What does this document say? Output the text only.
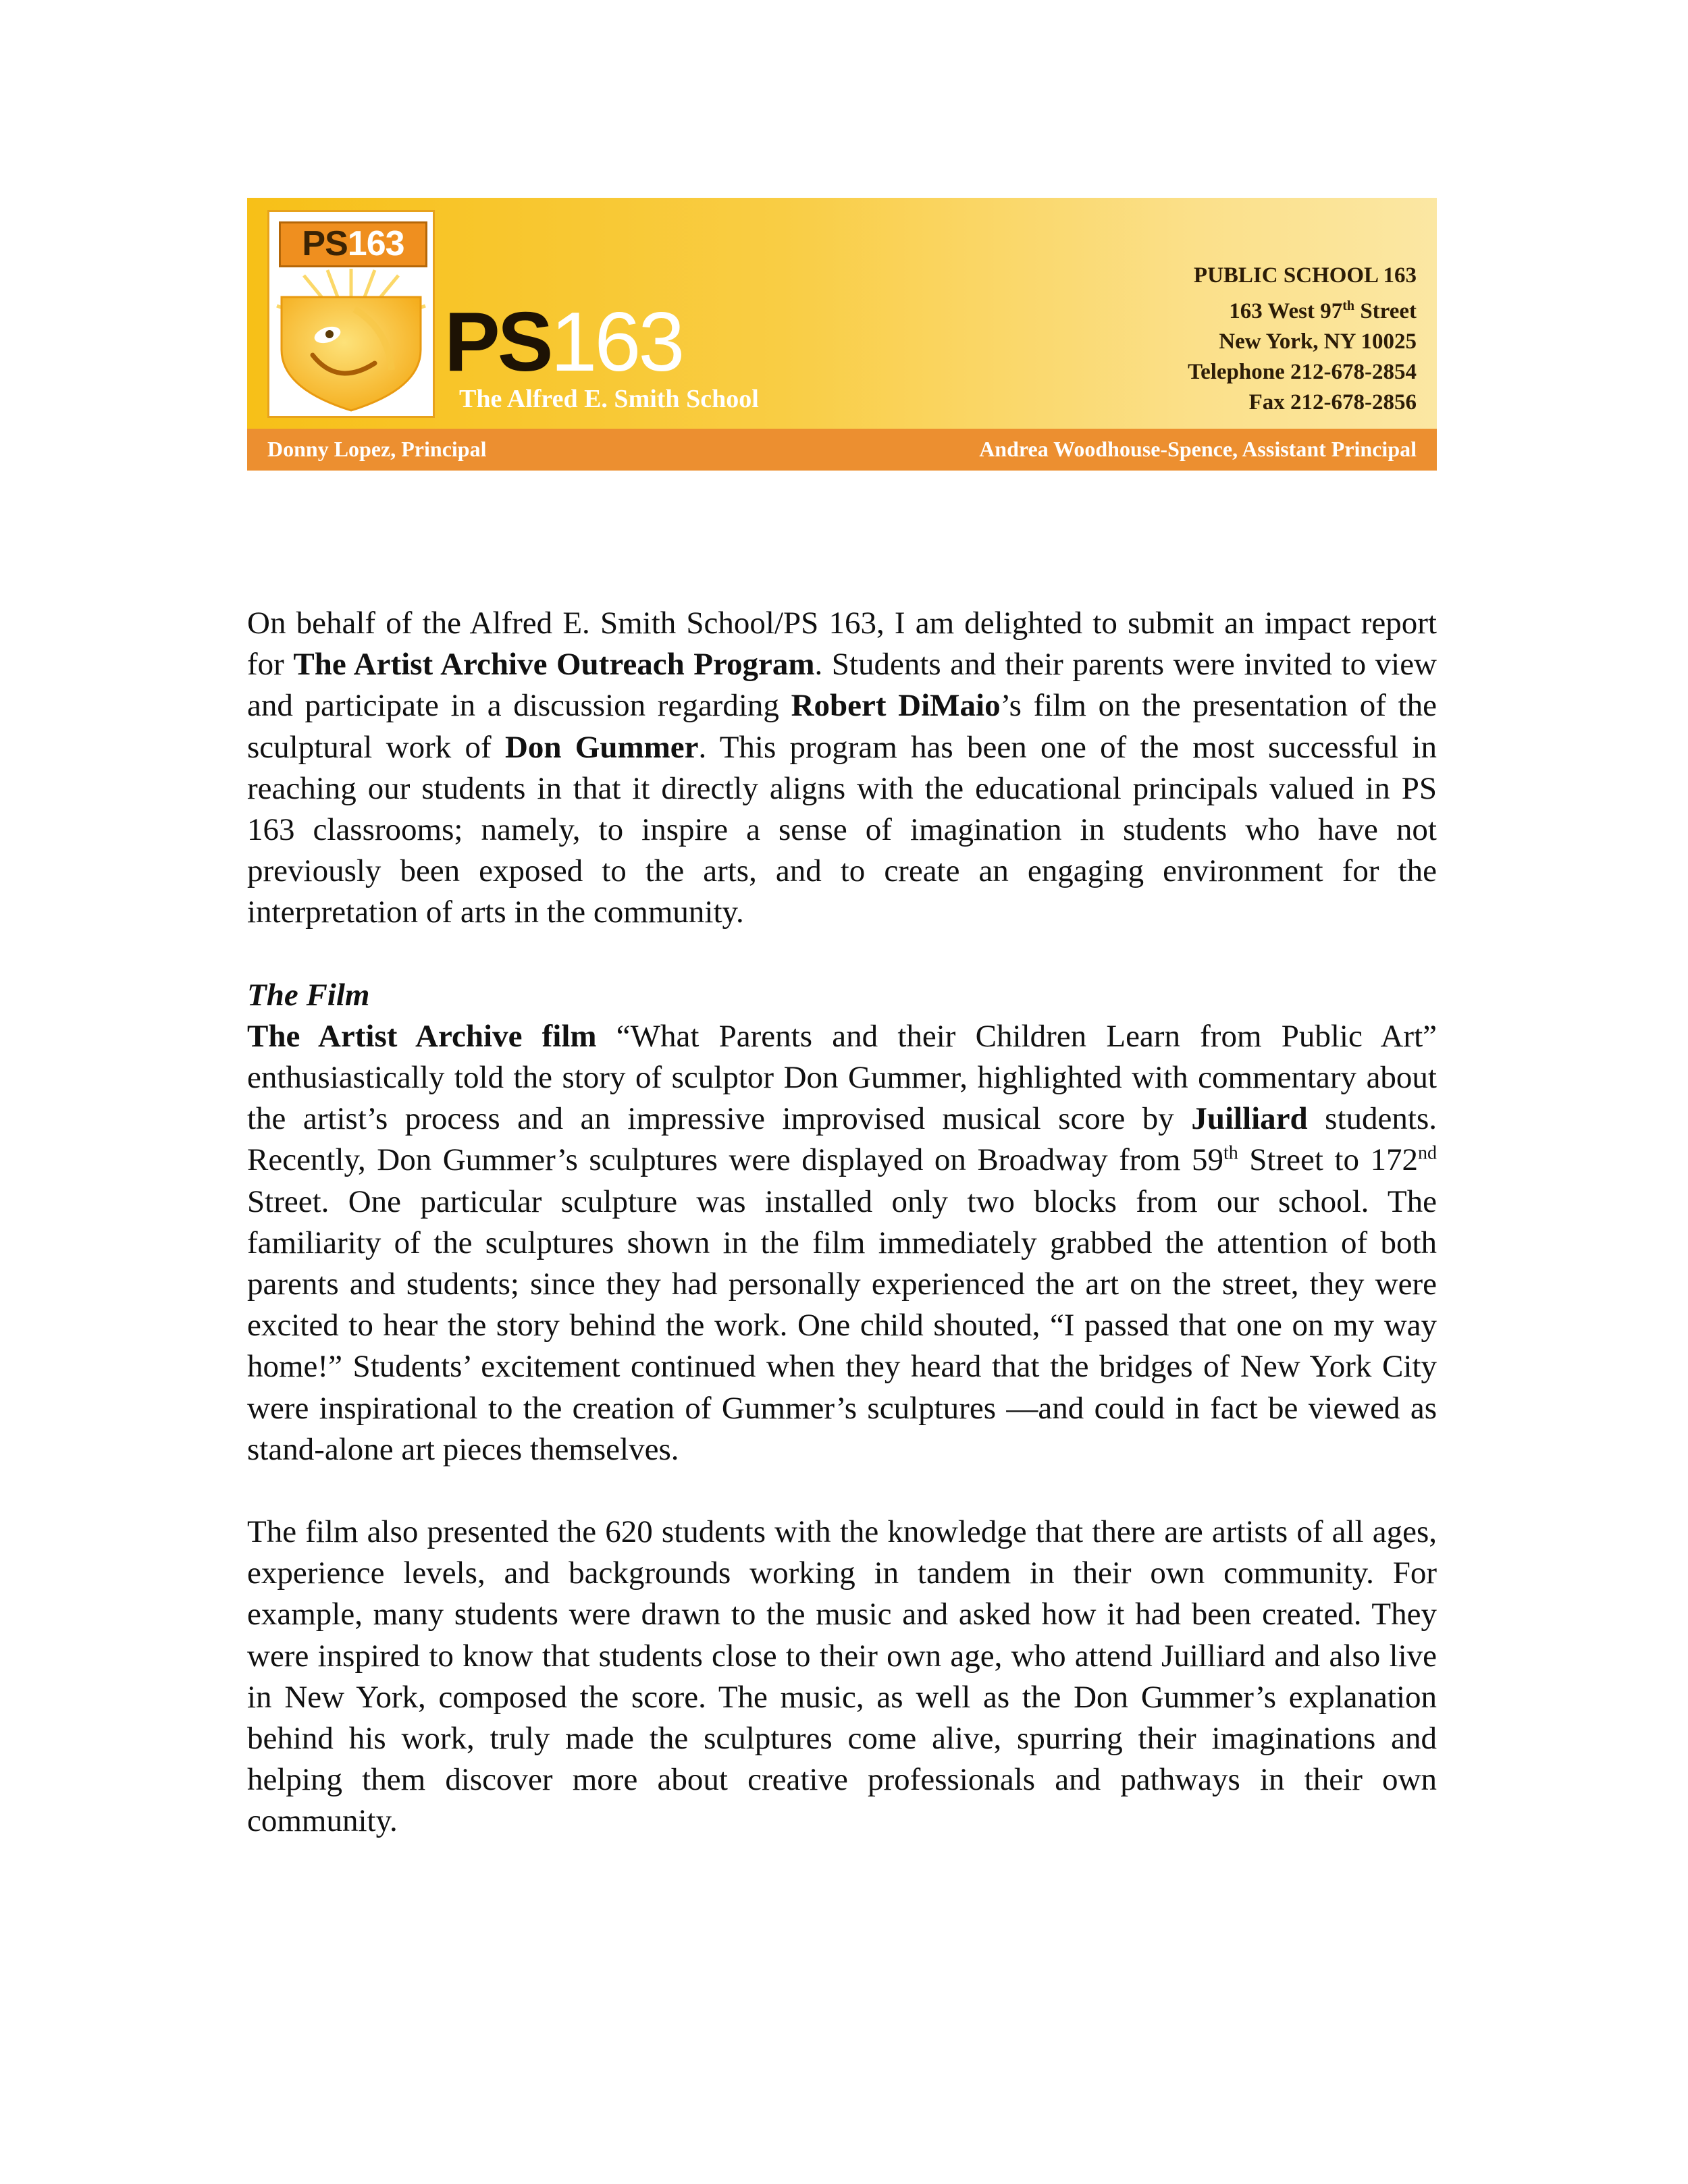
PS163
PS163
The Alfred E. Smith School
PUBLIC SCHOOL 163
163 West 97th Street
New York, NY 10025
Telephone 212-678-2854
Fax 212-678-2856
Donny Lopez, Principal	Andrea Woodhouse-Spence, Assistant Principal

On behalf of the Alfred E. Smith School/PS 163, I am delighted to submit an impact report for The Artist Archive Outreach Program. Students and their parents were invited to view and participate in a discussion regarding Robert DiMaio’s film on the presentation of the sculptural work of Don Gummer. This program has been one of the most successful in reaching our students in that it directly aligns with the educational principals valued in PS 163 classrooms; namely, to inspire a sense of imagination in students who have not previously been exposed to the arts, and to create an engaging environment for the interpretation of arts in the community.

The Film

The Artist Archive film “What Parents and their Children Learn from Public Art” enthusiastically told the story of sculptor Don Gummer, highlighted with commentary about the artist’s process and an impressive improvised musical score by Juilliard students. Recently, Don Gummer’s sculptures were displayed on Broadway from 59th Street to 172nd Street. One particular sculpture was installed only two blocks from our school. The familiarity of the sculptures shown in the film immediately grabbed the attention of both parents and students; since they had personally experienced the art on the street, they were excited to hear the story behind the work. One child shouted, “I passed that one on my way home!” Students’ excitement continued when they heard that the bridges of New York City were inspirational to the creation of Gummer’s sculptures —and could in fact be viewed as stand-alone art pieces themselves.

The film also presented the 620 students with the knowledge that there are artists of all ages, experience levels, and backgrounds working in tandem in their own community. For example, many students were drawn to the music and asked how it had been created. They were inspired to know that students close to their own age, who attend Juilliard and also live in New York, composed the score. The music, as well as the Don Gummer’s explanation behind his work, truly made the sculptures come alive, spurring their imaginations and helping them discover more about creative professionals and pathways in their own community.
